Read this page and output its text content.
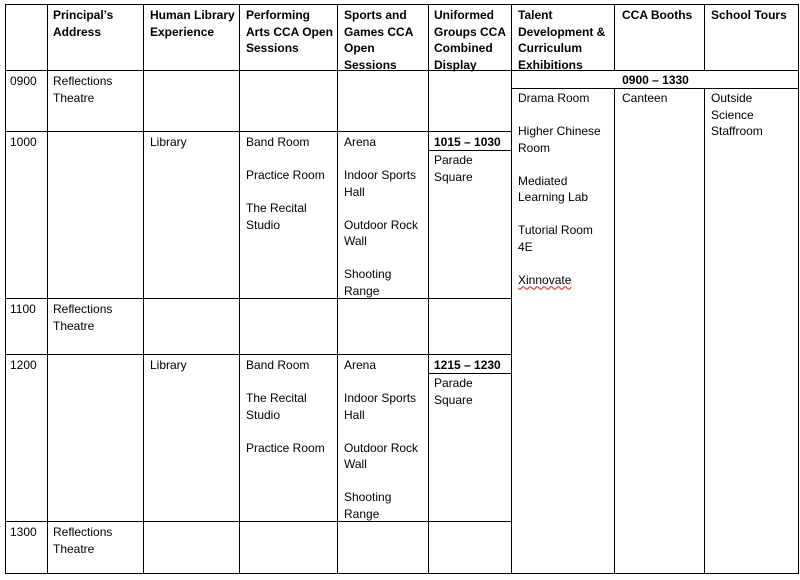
Principal’s
Address
Human Library
Experience
Performing
Arts CCA Open
Sessions
Sports and
Games CCA
Open
Sessions
Uniformed
Groups CCA
Combined
Display
Talent
Development &
Curriculum
Exhibitions
CCA Booths School Tours
0900
1000
1100
1200
1300
Reflections
Theatre
Reflections
Theatre
Reflections
Theatre
Library
Library
Band Room
Practice Room
The Recital
Studio
Band Room
The Recital
Studio
Practice Room
Arena
Indoor Sports
Hall
Outdoor Rock
Wall
Shooting
Range
Arena
Indoor Sports
Hall
Outdoor Rock
Wall
Shooting
Range
1015 – 1030
Parade
Square
1215 – 1230
Parade
Square
0900 – 1330
Drama Room
Higher Chinese
Room
Mediated
Learning Lab
Tutorial Room
4E
Xinnovate
Canteen	Outside
Science
Staffroom
